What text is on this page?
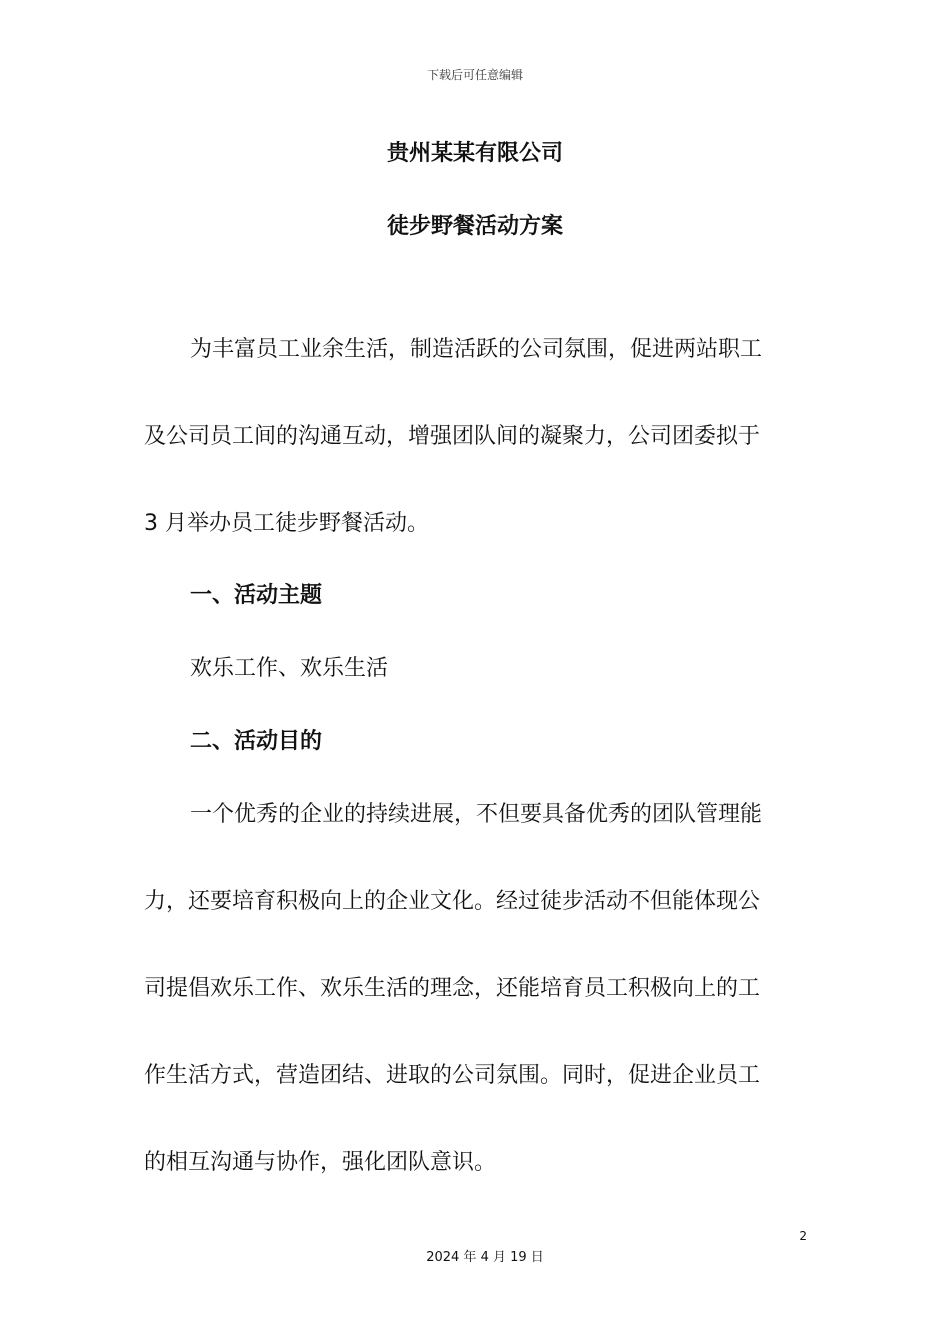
下载后可任意编辑
贵州某某有限公司
徒步野餐活动方案
为丰富员工业余生活，制造活跃的公司氛围，促进两站职工
及公司员工间的沟通互动，增强团队间的凝聚力，公司团委拟于
3 月举办员工徒步野餐活动。
一、活动主题
欢乐工作、欢乐生活
二、活动目的
一个优秀的企业的持续进展，不但要具备优秀的团队管理能
力，还要培育积极向上的企业文化。经过徒步活动不但能体现公
司提倡欢乐工作、欢乐生活的理念，还能培育员工积极向上的工
作生活方式，营造团结、进取的公司氛围。同时，促进企业员工
的相互沟通与协作，强化团队意识。
2
2024 年 4 月 19 日
